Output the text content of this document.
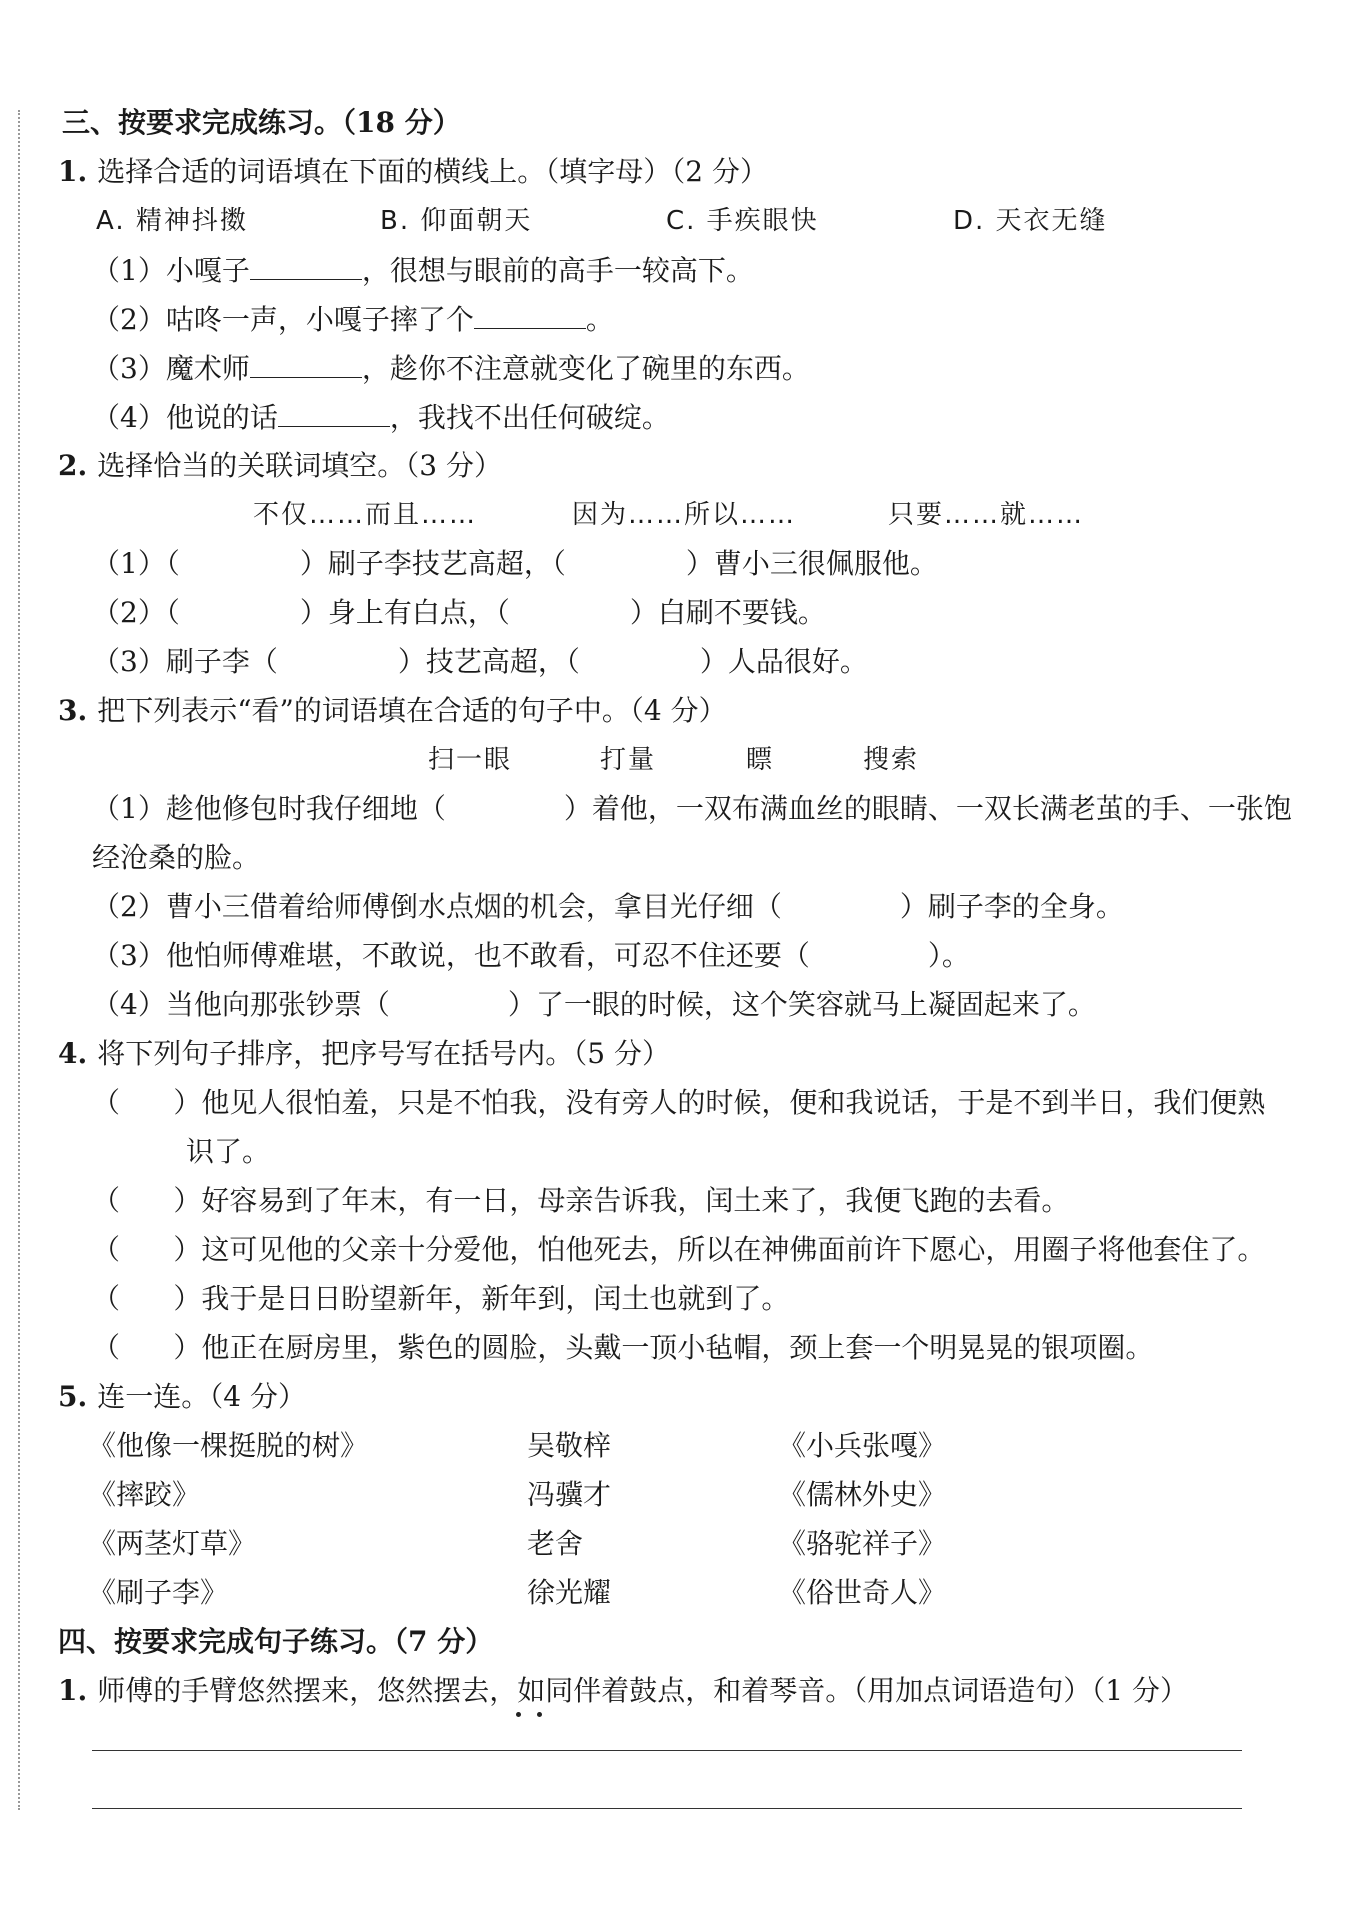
三、按要求完成练习。（18 分）
1. 选择合适的词语填在下面的横线上。（填字母）（2 分）
A. 精神抖擞	B. 仰面朝天	C. 手疾眼快	D. 天衣无缝
（1）小嘎子	，很想与眼前的高手一较高下。
（2）咕咚一声，小嘎子摔了个	。
（3）魔术师	，趁你不注意就变化了碗里的东西。
（4）他说的话	，我找不出任何破绽。
2. 选择恰当的关联词填空。（3 分）
不仅……而且……	因为……所以……	只要……就……
（1）（	）刷子李技艺高超，（	）曹小三很佩服他。
（2）（	）身上有白点，（	）白刷不要钱。
（3）刷子李（	）技艺高超，（	）人品很好。
3. 把下列表示“看”的词语填在合适的句子中。（4 分）
扫一眼	打量	瞟	搜索
（1）趁他修包时我仔细地（	）着他，一双布满血丝的眼睛、一双长满老茧的手、一张饱
经沧桑的脸。
（2）曹小三借着给师傅倒水点烟的机会，拿目光仔细（	）刷子李的全身。
（3）他怕师傅难堪，不敢说，也不敢看，可忍不住还要（	）。
（4）当他向那张钞票（	）了一眼的时候，这个笑容就马上凝固起来了。
4. 将下列句子排序，把序号写在括号内。（5 分）
（      ）他见人很怕羞，只是不怕我，没有旁人的时候，便和我说话，于是不到半日，我们便熟
识了。
（      ）好容易到了年末，有一日，母亲告诉我，闰土来了，我便飞跑的去看。
（      ）这可见他的父亲十分爱他，怕他死去，所以在神佛面前许下愿心，用圈子将他套住了。
（      ）我于是日日盼望新年，新年到，闰土也就到了。
（      ）他正在厨房里，紫色的圆脸，头戴一顶小毡帽，颈上套一个明晃晃的银项圈。
5. 连一连。（4 分）
《他像一棵挺脱的树》	吴敬梓	《小兵张嘎》
《摔跤》	冯骥才	《儒林外史》
《两茎灯草》	老舍	《骆驼祥子》
《刷子李》	徐光耀	《俗世奇人》
四、按要求完成句子练习。（7 分）
1. 师傅的手臂悠然摆来，悠然摆去，如同伴着鼓点，和着琴音。（用加点词语造句）（1 分）
